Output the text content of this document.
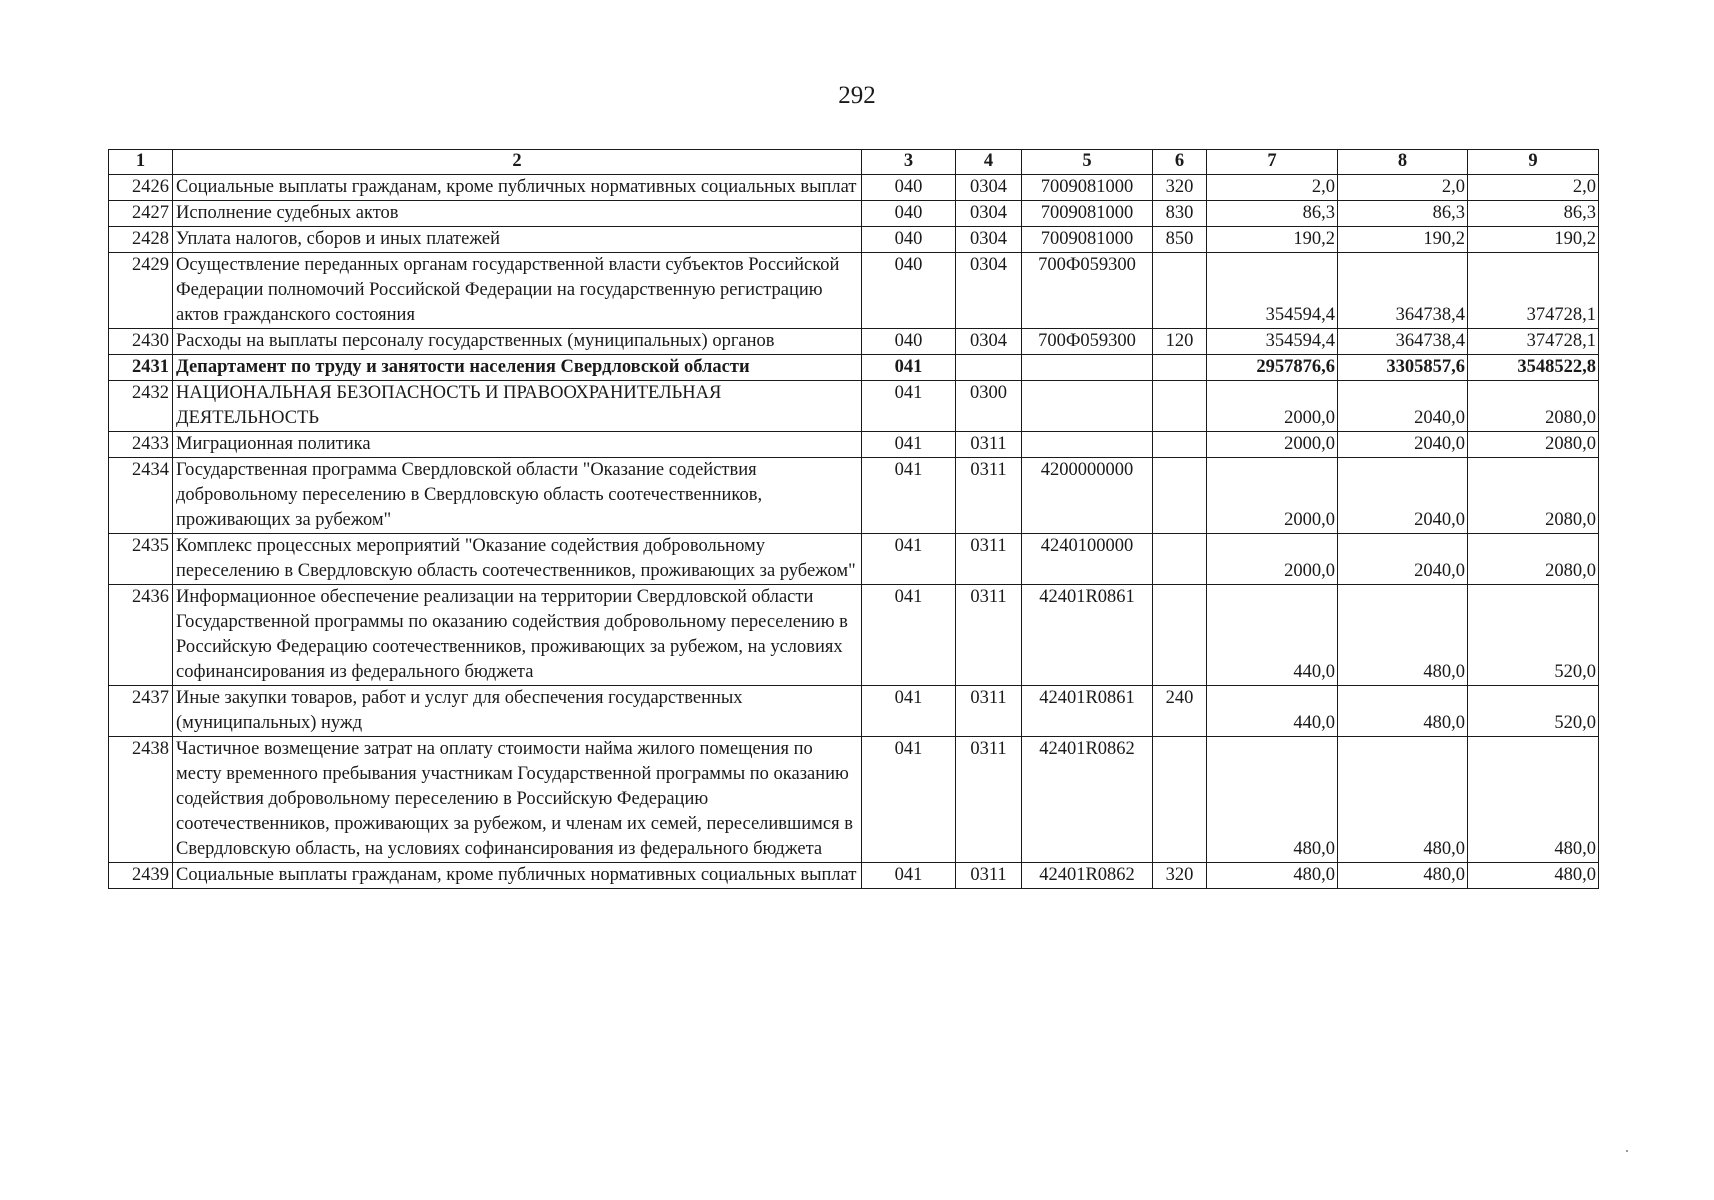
292
1	2	3	4	5	6	7	8	9
2426	Социальные выплаты гражданам, кроме публичных нормативных социальных выплат	040	0304	7009081000	320	2,0	2,0	2,0
2427	Исполнение судебных актов	040	0304	7009081000	830	86,3	86,3	86,3
2428	Уплата налогов, сборов и иных платежей	040	0304	7009081000	850	190,2	190,2	190,2
2429	Осуществление переданных органам государственной власти субъектов Российской Федерации полномочий Российской Федерации на государственную регистрацию актов гражданского состояния	040	0304	700Ф059300		354594,4	364738,4	374728,1
2430	Расходы на выплаты персоналу государственных (муниципальных) органов	040	0304	700Ф059300	120	354594,4	364738,4	374728,1
2431	Департамент по труду и занятости населения Свердловской области	041				2957876,6	3305857,6	3548522,8
2432	НАЦИОНАЛЬНАЯ БЕЗОПАСНОСТЬ И ПРАВООХРАНИТЕЛЬНАЯ ДЕЯТЕЛЬНОСТЬ	041	0300			2000,0	2040,0	2080,0
2433	Миграционная политика	041	0311			2000,0	2040,0	2080,0
2434	Государственная программа Свердловской области "Оказание содействия добровольному переселению в Свердловскую область соотечественников, проживающих за рубежом"	041	0311	4200000000		2000,0	2040,0	2080,0
2435	Комплекс процессных мероприятий "Оказание содействия добровольному переселению в Свердловскую область соотечественников, проживающих за рубежом"	041	0311	4240100000		2000,0	2040,0	2080,0
2436	Информационное обеспечение реализации на территории Свердловской области Государственной программы по оказанию содействия добровольному переселению в Российскую Федерацию соотечественников, проживающих за рубежом, на условиях софинансирования из федерального бюджета	041	0311	42401R0861		440,0	480,0	520,0
2437	Иные закупки товаров, работ и услуг для обеспечения государственных (муниципальных) нужд	041	0311	42401R0861	240	440,0	480,0	520,0
2438	Частичное возмещение затрат на оплату стоимости найма жилого помещения по месту временного пребывания участникам Государственной программы по оказанию содействия добровольному переселению в Российскую Федерацию соотечественников, проживающих за рубежом, и членам их семей, переселившимся в Свердловскую область, на условиях софинансирования из федерального бюджета	041	0311	42401R0862		480,0	480,0	480,0
2439	Социальные выплаты гражданам, кроме публичных нормативных социальных выплат	041	0311	42401R0862	320	480,0	480,0	480,0
